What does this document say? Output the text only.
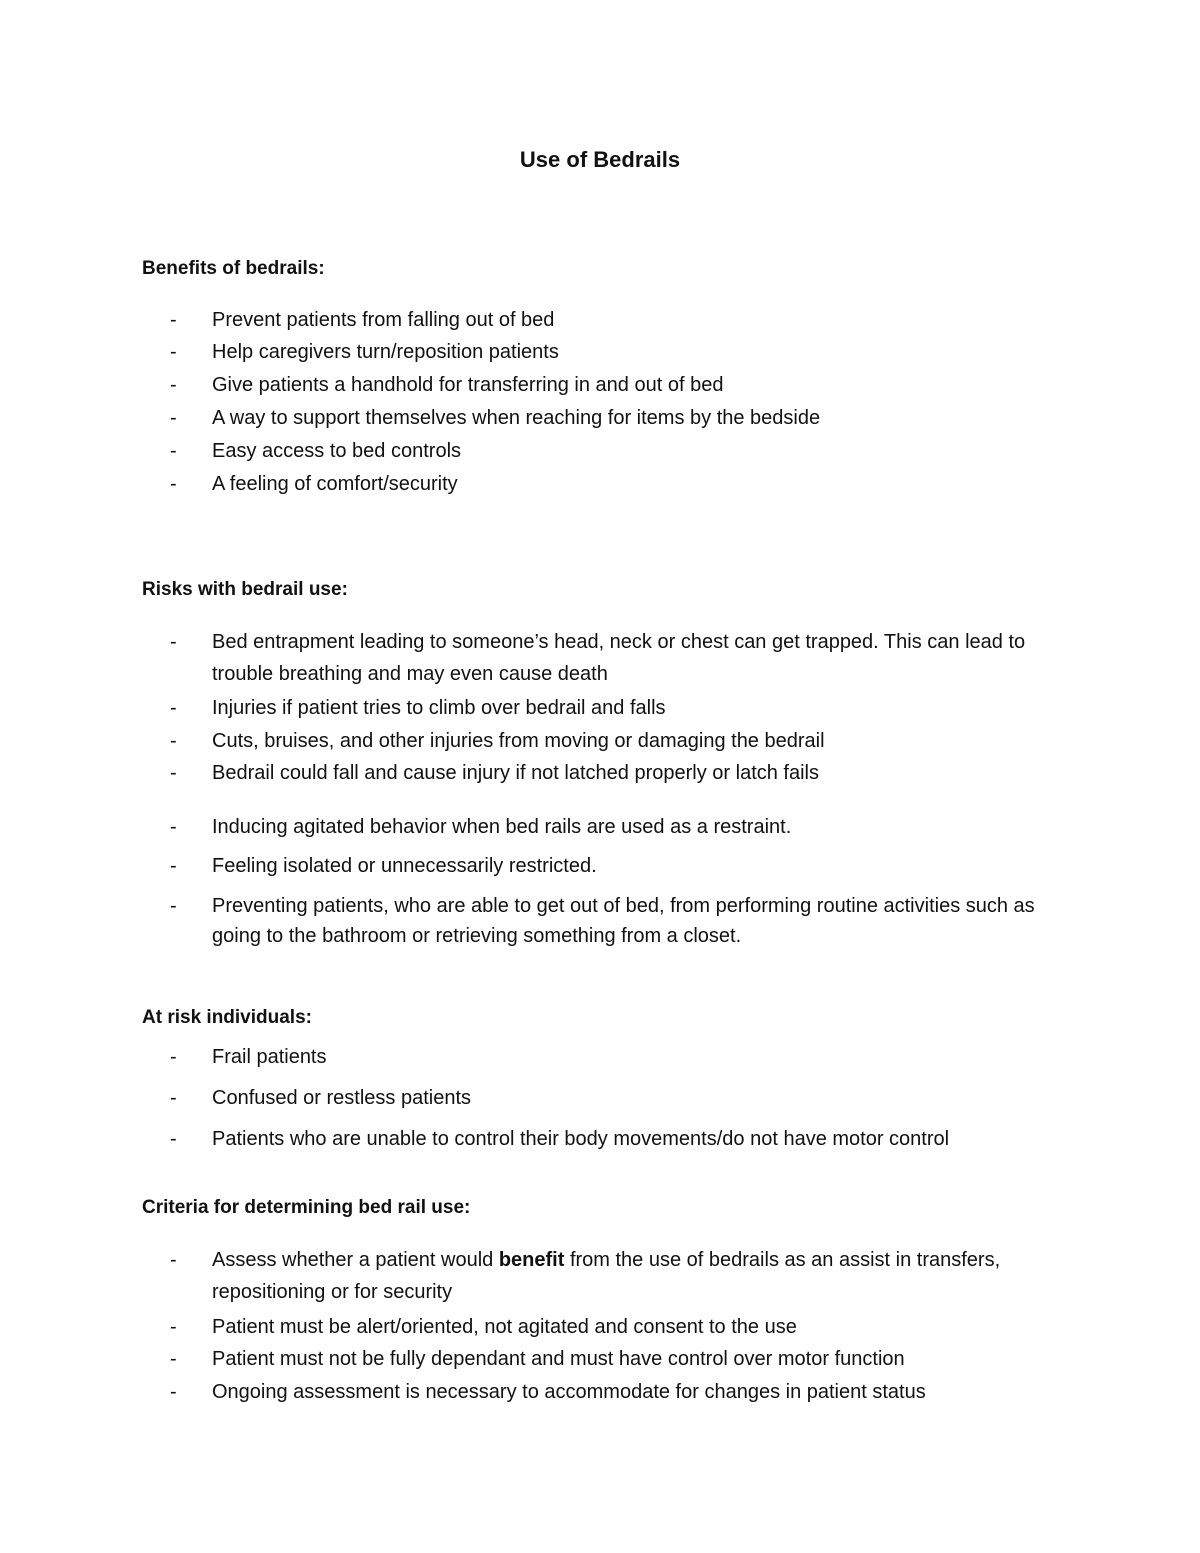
Use of Bedrails
Benefits of bedrails:
-	Prevent patients from falling out of bed
-	Help caregivers turn/reposition patients
-	Give patients a handhold for transferring in and out of bed
-	A way to support themselves when reaching for items by the bedside
-	Easy access to bed controls
-	A feeling of comfort/security
Risks with bedrail use:
-	Bed entrapment leading to someone’s head, neck or chest can get trapped. This can lead to trouble breathing and may even cause death
-	Injuries if patient tries to climb over bedrail and falls
-	Cuts, bruises, and other injuries from moving or damaging the bedrail
-	Bedrail could fall and cause injury if not latched properly or latch fails
-	Inducing agitated behavior when bed rails are used as a restraint.
-	Feeling isolated or unnecessarily restricted.
-	Preventing patients, who are able to get out of bed, from performing routine activities such as going to the bathroom or retrieving something from a closet.
At risk individuals:
-	Frail patients
-	Confused or restless patients
-	Patients who are unable to control their body movements/do not have motor control
Criteria for determining bed rail use:
-	Assess whether a patient would benefit from the use of bedrails as an assist in transfers, repositioning or for security
-	Patient must be alert/oriented, not agitated and consent to the use
-	Patient must not be fully dependant and must have control over motor function
-	Ongoing assessment is necessary to accommodate for changes in patient status
